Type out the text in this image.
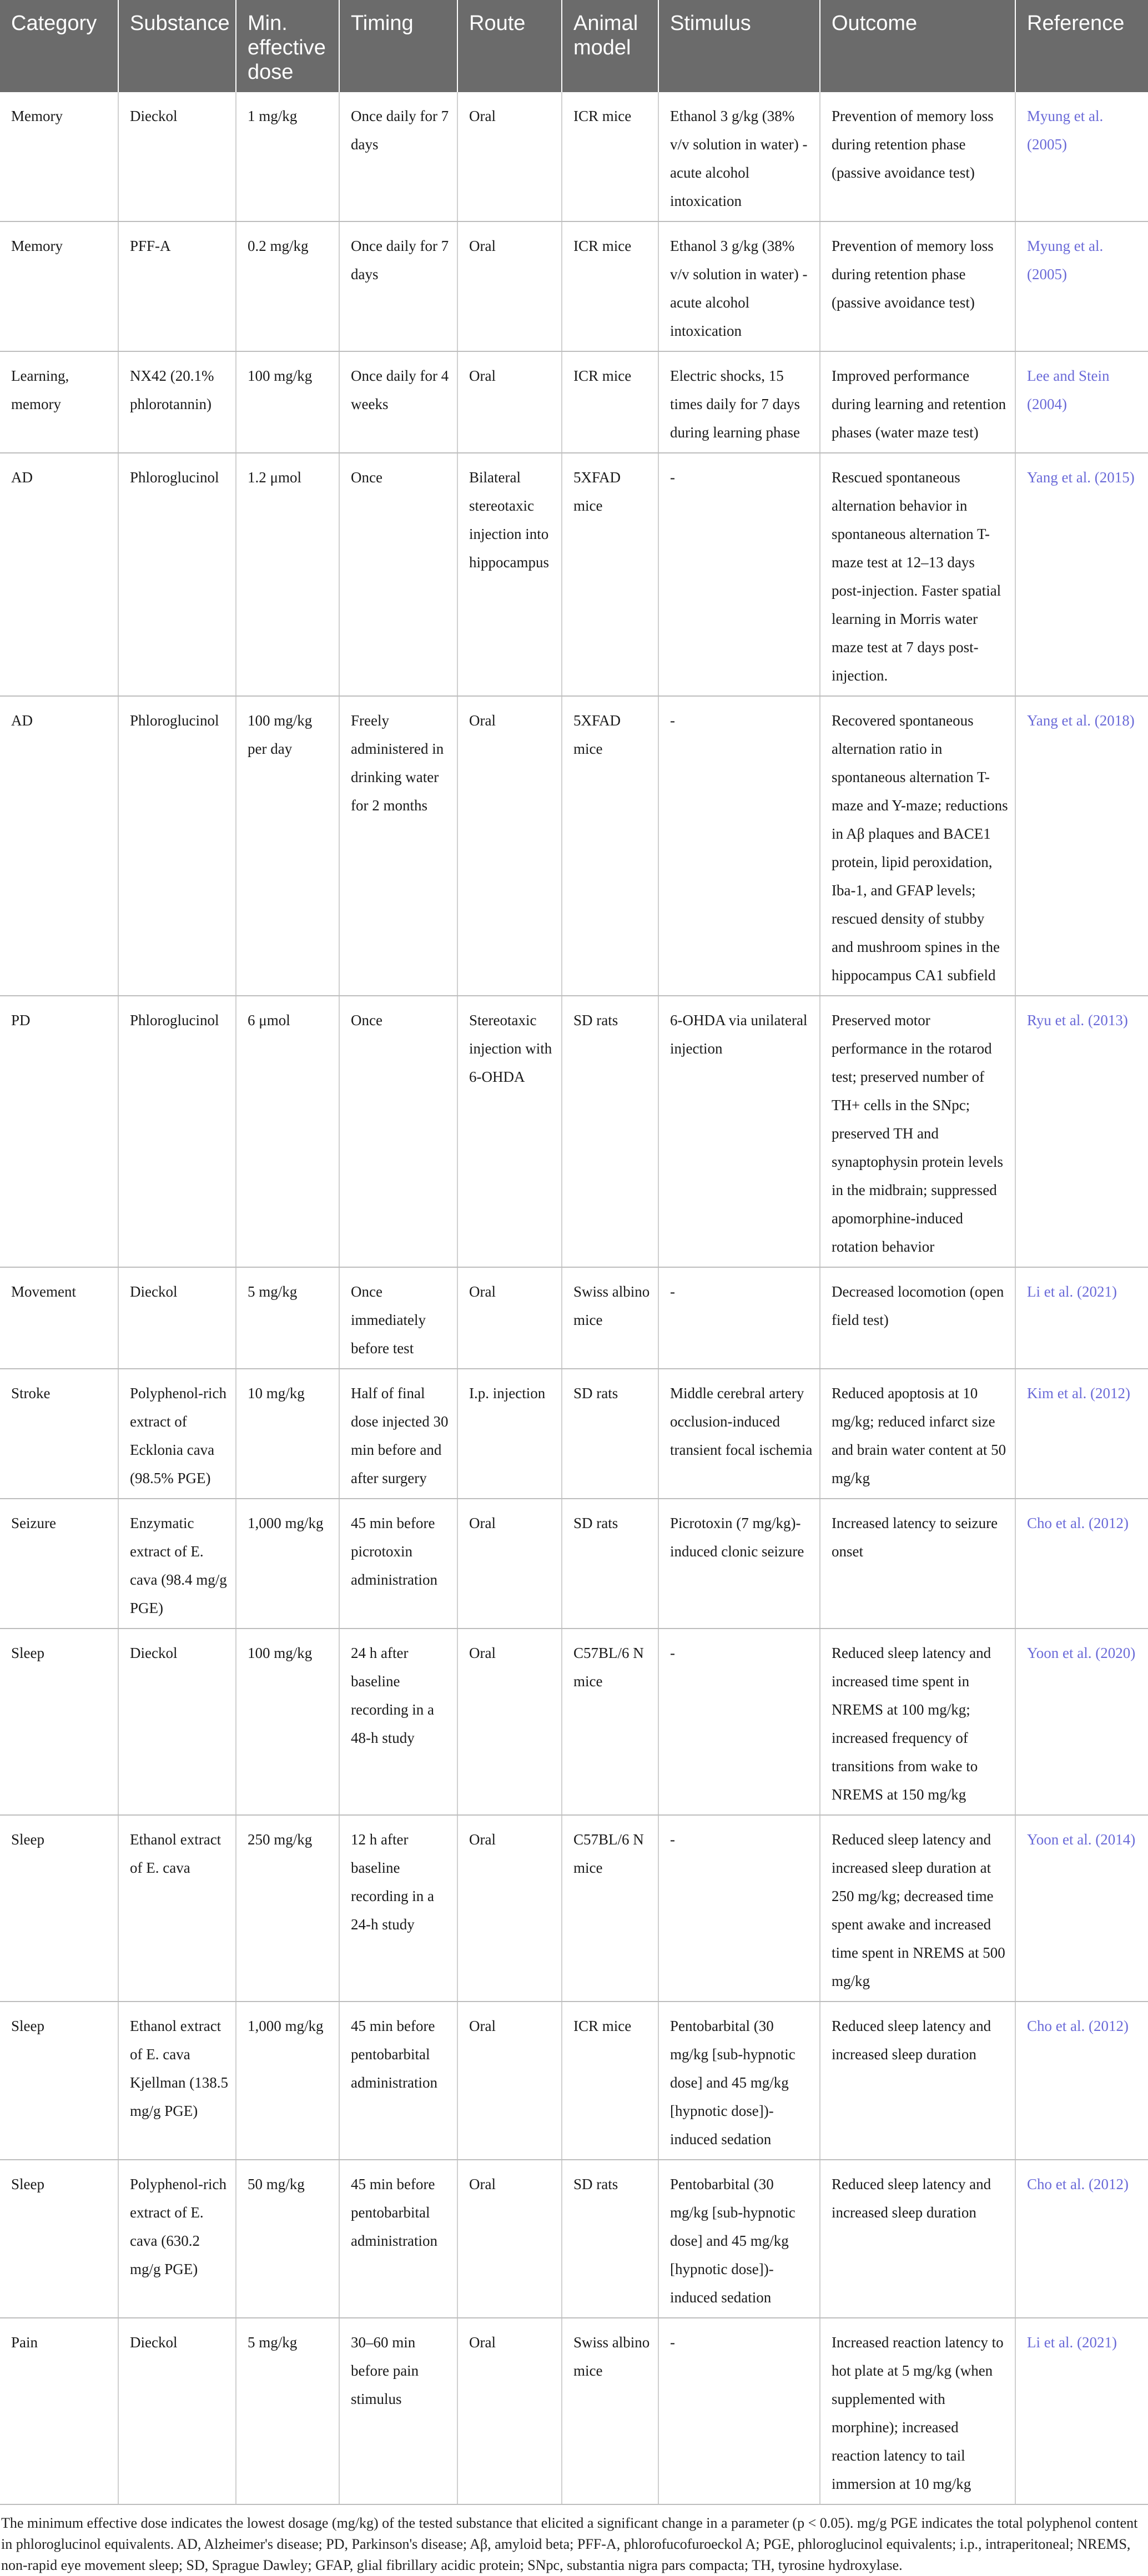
Category	Substance	Min. effective dose	Timing	Route	Animal model	Stimulus	Outcome	Reference
Memory	Dieckol	1 mg/kg	Once daily for 7 days	Oral	ICR mice	Ethanol 3 g/kg (38% v/v solution in water) - acute alcohol intoxication	Prevention of memory loss during retention phase (passive avoidance test)	Myung et al. (2005)
Memory	PFF-A	0.2 mg/kg	Once daily for 7 days	Oral	ICR mice	Ethanol 3 g/kg (38% v/v solution in water) - acute alcohol intoxication	Prevention of memory loss during retention phase (passive avoidance test)	Myung et al. (2005)
Learning, memory	NX42 (20.1% phlorotannin)	100 mg/kg	Once daily for 4 weeks	Oral	ICR mice	Electric shocks, 15 times daily for 7 days during learning phase	Improved performance during learning and retention phases (water maze test)	Lee and Stein (2004)
AD	Phloroglucinol	1.2 μmol	Once	Bilateral stereotaxic injection into hippocampus	5XFAD mice	-	Rescued spontaneous alternation behavior in spontaneous alternation T-maze test at 12–13 days post-injection. Faster spatial learning in Morris water maze test at 7 days post-injection.	Yang et al. (2015)
AD	Phloroglucinol	100 mg/kg per day	Freely administered in drinking water for 2 months	Oral	5XFAD mice	-	Recovered spontaneous alternation ratio in spontaneous alternation T-maze and Y-maze; reductions in Aβ plaques and BACE1 protein, lipid peroxidation, Iba-1, and GFAP levels; rescued density of stubby and mushroom spines in the hippocampus CA1 subfield	Yang et al. (2018)
PD	Phloroglucinol	6 μmol	Once	Stereotaxic injection with 6-OHDA	SD rats	6-OHDA via unilateral injection	Preserved motor performance in the rotarod test; preserved number of TH+ cells in the SNpc; preserved TH and synaptophysin protein levels in the midbrain; suppressed apomorphine-induced rotation behavior	Ryu et al. (2013)
Movement	Dieckol	5 mg/kg	Once immediately before test	Oral	Swiss albino mice	-	Decreased locomotion (open field test)	Li et al. (2021)
Stroke	Polyphenol-rich extract of Ecklonia cava (98.5% PGE)	10 mg/kg	Half of final dose injected 30 min before and after surgery	I.p. injection	SD rats	Middle cerebral artery occlusion-induced transient focal ischemia	Reduced apoptosis at 10 mg/kg; reduced infarct size and brain water content at 50 mg/kg	Kim et al. (2012)
Seizure	Enzymatic extract of E. cava (98.4 mg/g PGE)	1,000 mg/kg	45 min before picrotoxin administration	Oral	SD rats	Picrotoxin (7 mg/kg)-induced clonic seizure	Increased latency to seizure onset	Cho et al. (2012)
Sleep	Dieckol	100 mg/kg	24 h after baseline recording in a 48-h study	Oral	C57BL/6 N mice	-	Reduced sleep latency and increased time spent in NREMS at 100 mg/kg; increased frequency of transitions from wake to NREMS at 150 mg/kg	Yoon et al. (2020)
Sleep	Ethanol extract of E. cava	250 mg/kg	12 h after baseline recording in a 24-h study	Oral	C57BL/6 N mice	-	Reduced sleep latency and increased sleep duration at 250 mg/kg; decreased time spent awake and increased time spent in NREMS at 500 mg/kg	Yoon et al. (2014)
Sleep	Ethanol extract of E. cava Kjellman (138.5 mg/g PGE)	1,000 mg/kg	45 min before pentobarbital administration	Oral	ICR mice	Pentobarbital (30 mg/kg [sub-hypnotic dose] and 45 mg/kg [hypnotic dose])-induced sedation	Reduced sleep latency and increased sleep duration	Cho et al. (2012)
Sleep	Polyphenol-rich extract of E. cava (630.2 mg/g PGE)	50 mg/kg	45 min before pentobarbital administration	Oral	SD rats	Pentobarbital (30 mg/kg [sub-hypnotic dose] and 45 mg/kg [hypnotic dose])-induced sedation	Reduced sleep latency and increased sleep duration	Cho et al. (2012)
Pain	Dieckol	5 mg/kg	30–60 min before pain stimulus	Oral	Swiss albino mice	-	Increased reaction latency to hot plate at 5 mg/kg (when supplemented with morphine); increased reaction latency to tail immersion at 10 mg/kg	Li et al. (2021)

The minimum effective dose indicates the lowest dosage (mg/kg) of the tested substance that elicited a significant change in a parameter (p < 0.05). mg/g PGE indicates the total polyphenol content in phloroglucinol equivalents. AD, Alzheimer's disease; PD, Parkinson's disease; Aβ, amyloid beta; PFF-A, phlorofucofuroeckol A; PGE, phloroglucinol equivalents; i.p., intraperitoneal; NREMS, non-rapid eye movement sleep; SD, Sprague Dawley; GFAP, glial fibrillary acidic protein; SNpc, substantia nigra pars compacta; TH, tyrosine hydroxylase.
